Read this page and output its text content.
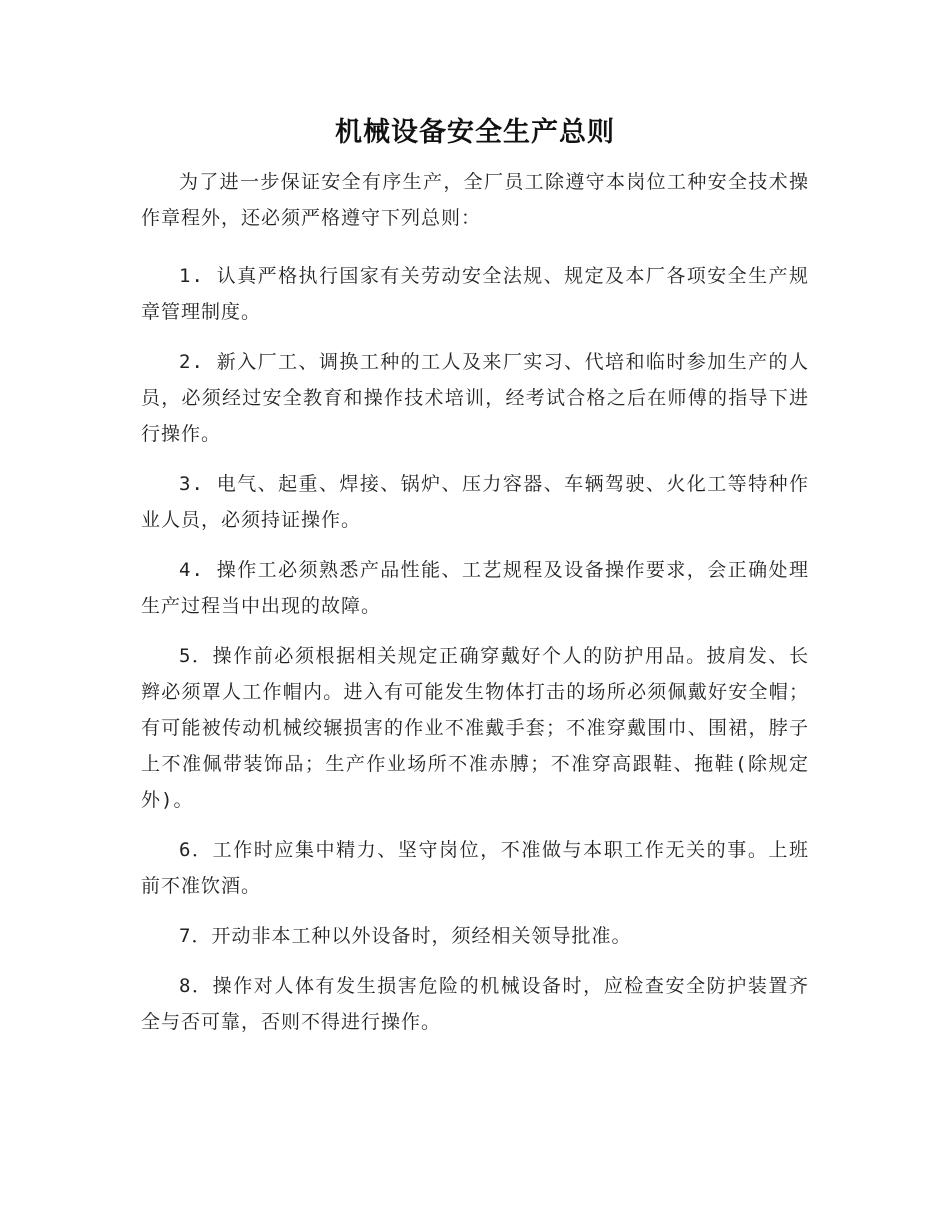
机械设备安全生产总则

为了进一步保证安全有序生产，全厂员工除遵守本岗位工种安全技术操作章程外，还必须严格遵守下列总则：

1. 认真严格执行国家有关劳动安全法规、规定及本厂各项安全生产规章管理制度。

2. 新入厂工、调换工种的工人及来厂实习、代培和临时参加生产的人员，必须经过安全教育和操作技术培训，经考试合格之后在师傅的指导下进行操作。

3. 电气、起重、焊接、锅炉、压力容器、车辆驾驶、火化工等特种作业人员，必须持证操作。

4. 操作工必须熟悉产品性能、工艺规程及设备操作要求，会正确处理生产过程当中出现的故障。

5．操作前必须根据相关规定正确穿戴好个人的防护用品。披肩发、长辫必须罩人工作帽内。进入有可能发生物体打击的场所必须佩戴好安全帽；有可能被传动机械绞辗损害的作业不准戴手套；不准穿戴围巾、围裙，脖子上不准佩带装饰品；生产作业场所不准赤膊；不准穿高跟鞋、拖鞋(除规定外)。

6．工作时应集中精力、坚守岗位，不准做与本职工作无关的事。上班前不准饮酒。

7．开动非本工种以外设备时，须经相关领导批准。

8．操作对人体有发生损害危险的机械设备时，应检查安全防护装置齐全与否可靠，否则不得进行操作。
